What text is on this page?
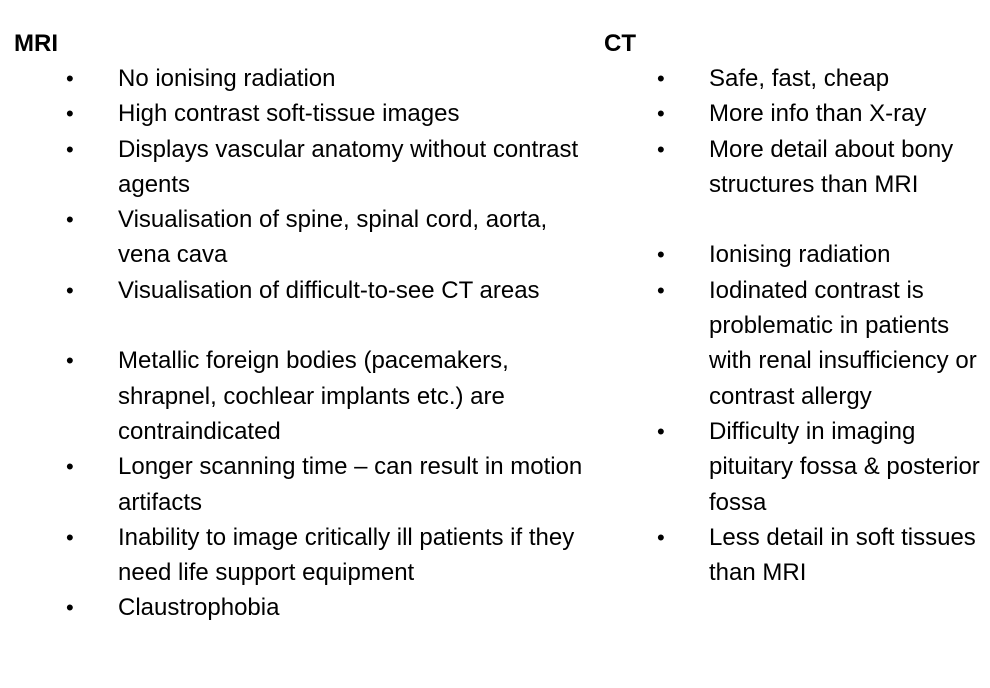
MRI
• No ionising radiation
• High contrast soft-tissue images
• Displays vascular anatomy without contrast agents
• Visualisation of spine, spinal cord, aorta, vena cava
• Visualisation of difficult-to-see CT areas
• Metallic foreign bodies (pacemakers, shrapnel, cochlear implants etc.) are contraindicated
• Longer scanning time – can result in motion artifacts
• Inability to image critically ill patients if they need life support equipment
• Claustrophobia
CT
• Safe, fast, cheap
• More info than X-ray
• More detail about bony structures than MRI
• Ionising radiation
• Iodinated contrast is problematic in patients with renal insufficiency or contrast allergy
• Difficulty in imaging pituitary fossa & posterior fossa
• Less detail in soft tissues than MRI
